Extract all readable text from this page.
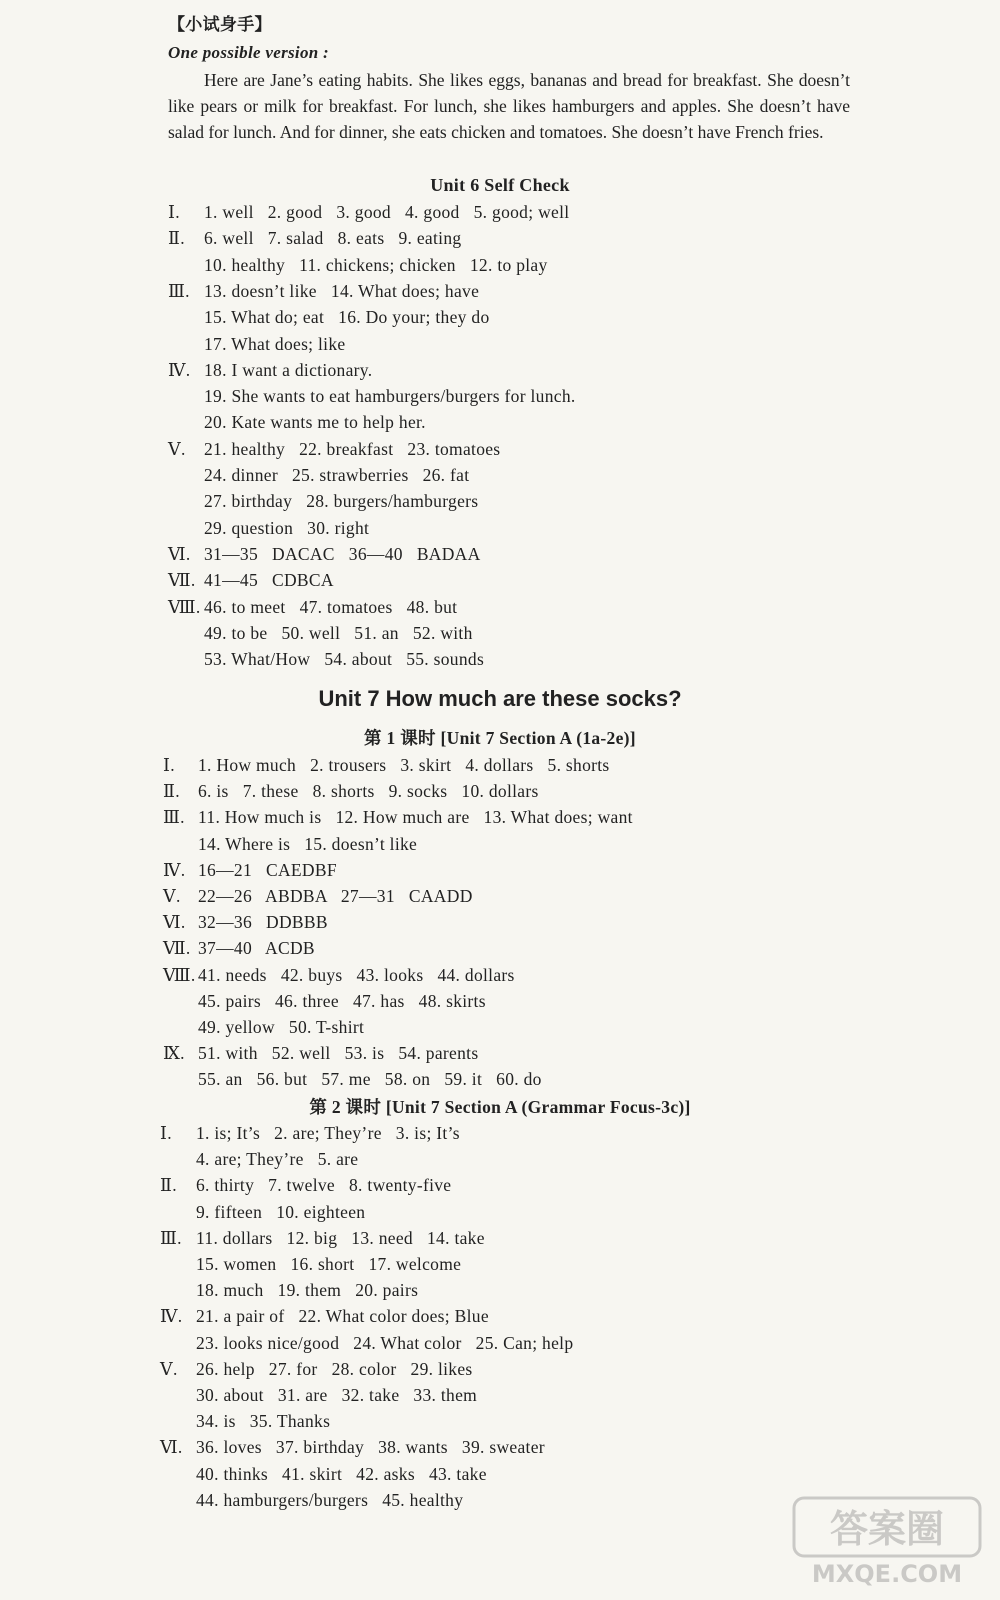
【小试身手】
One possible version :

Here are Jane’s eating habits. She likes eggs, bananas and bread for breakfast. She doesn’t like pears or milk for breakfast. For lunch, she likes hamburgers and apples. She doesn’t have salad for lunch. And for dinner, she eats chicken and tomatoes. She doesn’t have French fries.

Unit 6 Self Check
Ⅰ. 1. well   2. good   3. good   4. good   5. good; well
Ⅱ. 6. well   7. salad   8. eats   9. eating
10. healthy   11. chickens; chicken   12. to play
Ⅲ. 13. doesn’t like   14. What does; have
15. What do; eat   16. Do your; they do
17. What does; like
Ⅳ. 18. I want a dictionary.
19. She wants to eat hamburgers/burgers for lunch.
20. Kate wants me to help her.
Ⅴ. 21. healthy   22. breakfast   23. tomatoes
24. dinner   25. strawberries   26. fat
27. birthday   28. burgers/hamburgers
29. question   30. right
Ⅵ. 31—35   DACAC   36—40   BADAA
Ⅶ. 41—45   CDBCA
Ⅷ. 46. to meet   47. tomatoes   48. but
49. to be   50. well   51. an   52. with
53. What/How   54. about   55. sounds
Unit 7 How much are these socks?
第 1 课时 [Unit 7 Section A (1a-2e)]
Ⅰ. 1. How much   2. trousers   3. skirt   4. dollars   5. shorts
Ⅱ. 6. is   7. these   8. shorts   9. socks   10. dollars
Ⅲ. 11. How much is   12. How much are   13. What does; want
14. Where is   15. doesn’t like
Ⅳ. 16—21   CAEDBF
Ⅴ. 22—26   ABDBA   27—31   CAADD
Ⅵ. 32—36   DDBBB
Ⅶ. 37—40   ACDB
Ⅷ. 41. needs   42. buys   43. looks   44. dollars
45. pairs   46. three   47. has   48. skirts
49. yellow   50. T-shirt
Ⅸ. 51. with   52. well   53. is   54. parents
55. an   56. but   57. me   58. on   59. it   60. do
第 2 课时 [Unit 7 Section A (Grammar Focus-3c)]
Ⅰ. 1. is; It’s   2. are; They’re   3. is; It’s
4. are; They’re   5. are
Ⅱ. 6. thirty   7. twelve   8. twenty-five
9. fifteen   10. eighteen
Ⅲ. 11. dollars   12. big   13. need   14. take
15. women   16. short   17. welcome
18. much   19. them   20. pairs
Ⅳ. 21. a pair of   22. What color does; Blue
23. looks nice/good   24. What color   25. Can; help
Ⅴ. 26. help   27. for   28. color   29. likes
30. about   31. are   32. take   33. them
34. is   35. Thanks
Ⅵ. 36. loves   37. birthday   38. wants   39. sweater
40. thinks   41. skirt   42. asks   43. take
44. hamburgers/burgers   45. healthy
答案圈
MXQE.COM
